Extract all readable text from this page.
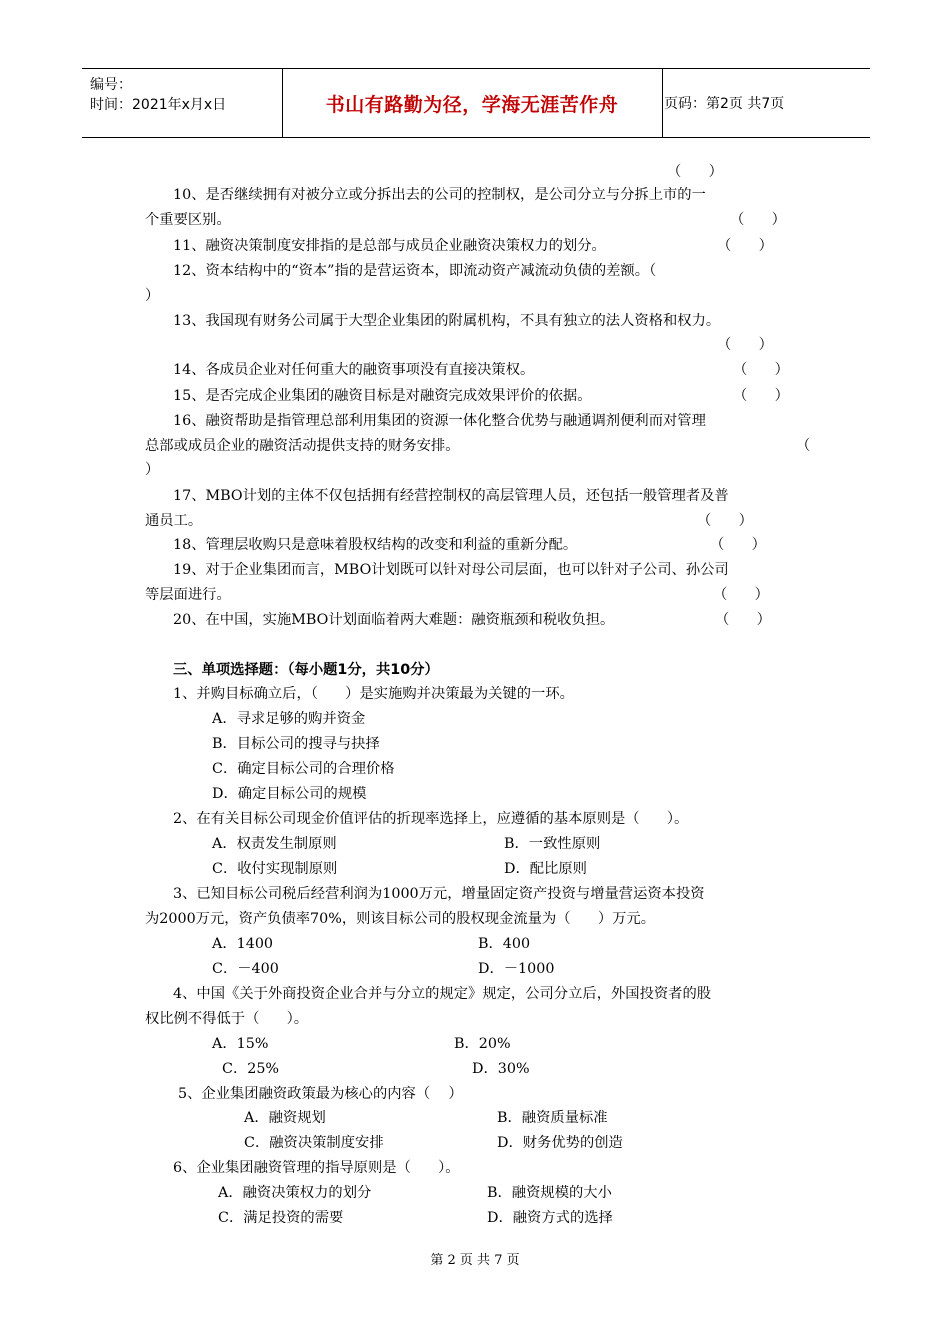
编号：
时间：2021年x月x日	书山有路勤为径，学海无涯苦作舟	页码：第2页 共7页
（      ）
10、是否继续拥有对被分立或分拆出去的公司的控制权，是公司分立与分拆上市的一
个重要区别。	（      ）
11、融资决策制度安排指的是总部与成员企业融资决策权力的划分。	（      ）
12、资本结构中的“资本”指的是营运资本，即流动资产减流动负债的差额。（
）
13、我国现有财务公司属于大型企业集团的附属机构，不具有独立的法人资格和权力。
（      ）
14、各成员企业对任何重大的融资事项没有直接决策权。	（      ）
15、是否完成企业集团的融资目标是对融资完成效果评价的依据。	（      ）
16、融资帮助是指管理总部利用集团的资源一体化整合优势与融通调剂便利而对管理
总部或成员企业的融资活动提供支持的财务安排。	（
）
17、MBO计划的主体不仅包括拥有经营控制权的高层管理人员，还包括一般管理者及普
通员工。	（      ）
18、管理层收购只是意味着股权结构的改变和利益的重新分配。	（      ）
19、对于企业集团而言，MBO计划既可以针对母公司层面，也可以针对子公司、孙公司
等层面进行。	（      ）
20、在中国，实施MBO计划面临着两大难题：融资瓶颈和税收负担。	（      ）
三、单项选择题：（每小题1分，共10分）
1、并购目标确立后，（      ）是实施购并决策最为关键的一环。
A．寻求足够的购并资金
B．目标公司的搜寻与抉择
C．确定目标公司的合理价格
D．确定目标公司的规模
2、在有关目标公司现金价值评估的折现率选择上，应遵循的基本原则是（      ）。
A．权责发生制原则	B．一致性原则
C．收付实现制原则	D．配比原则
3、已知目标公司税后经营利润为1000万元，增量固定资产投资与增量营运资本投资
为2000万元，资产负债率70%，则该目标公司的股权现金流量为（      ）万元。
A．1400	B．400
C．－400	D．－1000
4、中国《关于外商投资企业合并与分立的规定》规定，公司分立后，外国投资者的股
权比例不得低于（      ）。
A．15%	B．20%
C．25%	D．30%
5、企业集团融资政策最为核心的内容（    ）
A．融资规划	B．融资质量标准
C．融资决策制度安排	D．财务优势的创造
6、企业集团融资管理的指导原则是（      ）。
A．融资决策权力的划分	B．融资规模的大小
C．满足投资的需要	D．融资方式的选择
第 2 页 共 7 页
